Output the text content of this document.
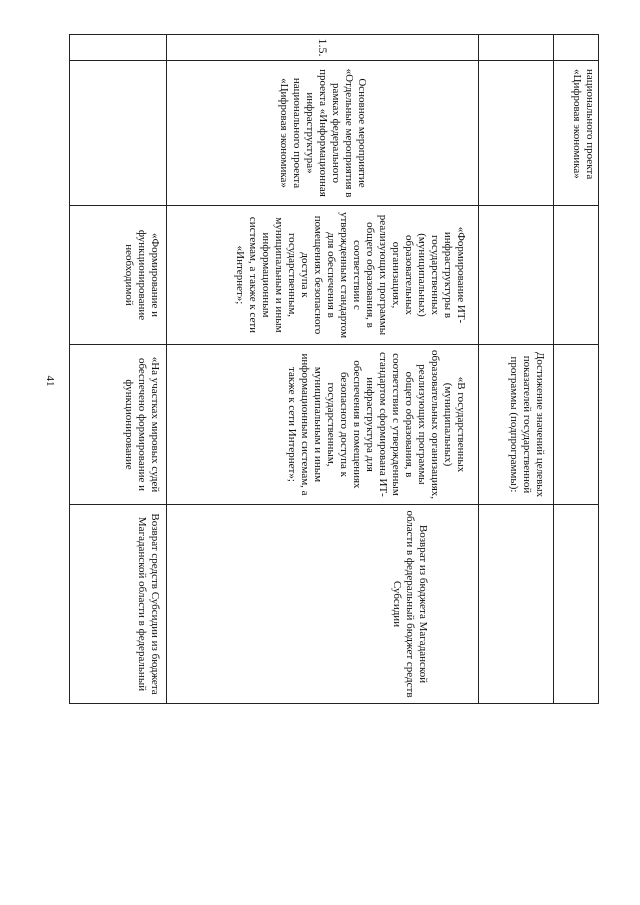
41
национального проекта «Цифровая экономика»
Достижение значений целевых показателей государственной программы (подпрограммы):
1.5.
Основное мероприятие «Отдельные мероприятия в рамках федерального проекта «Информационная инфраструктура» национального проекта «Цифровая экономика»
«Формирование ИТ-инфраструктуры в государственных (муниципальных) образовательных организациях, реализующих программы общего образования, в соответствии с утвержденным стандартом для обеспечения в помещениях безопасного доступа к государственным, муниципальным и иным информационным системам, а также к сети «Интернет»;
«В государственных (муниципальных) образовательных организациях, реализующих программы общего образования, в соответствии с утвержденным стандартом сформирована ИТ-инфраструктура для обеспечения в помещениях безопасного доступа к государственным, муниципальным и иным информационным системам, а также к сети Интернет»;
Возврат из бюджета Магаданской области в федеральный бюджет средств Субсидии
«Формирование и функционирование необходимой
«На участках мировых судей обеспечено формирование и функционирование
Возврат средств Субсидии из бюджета Магаданской области в федеральный
